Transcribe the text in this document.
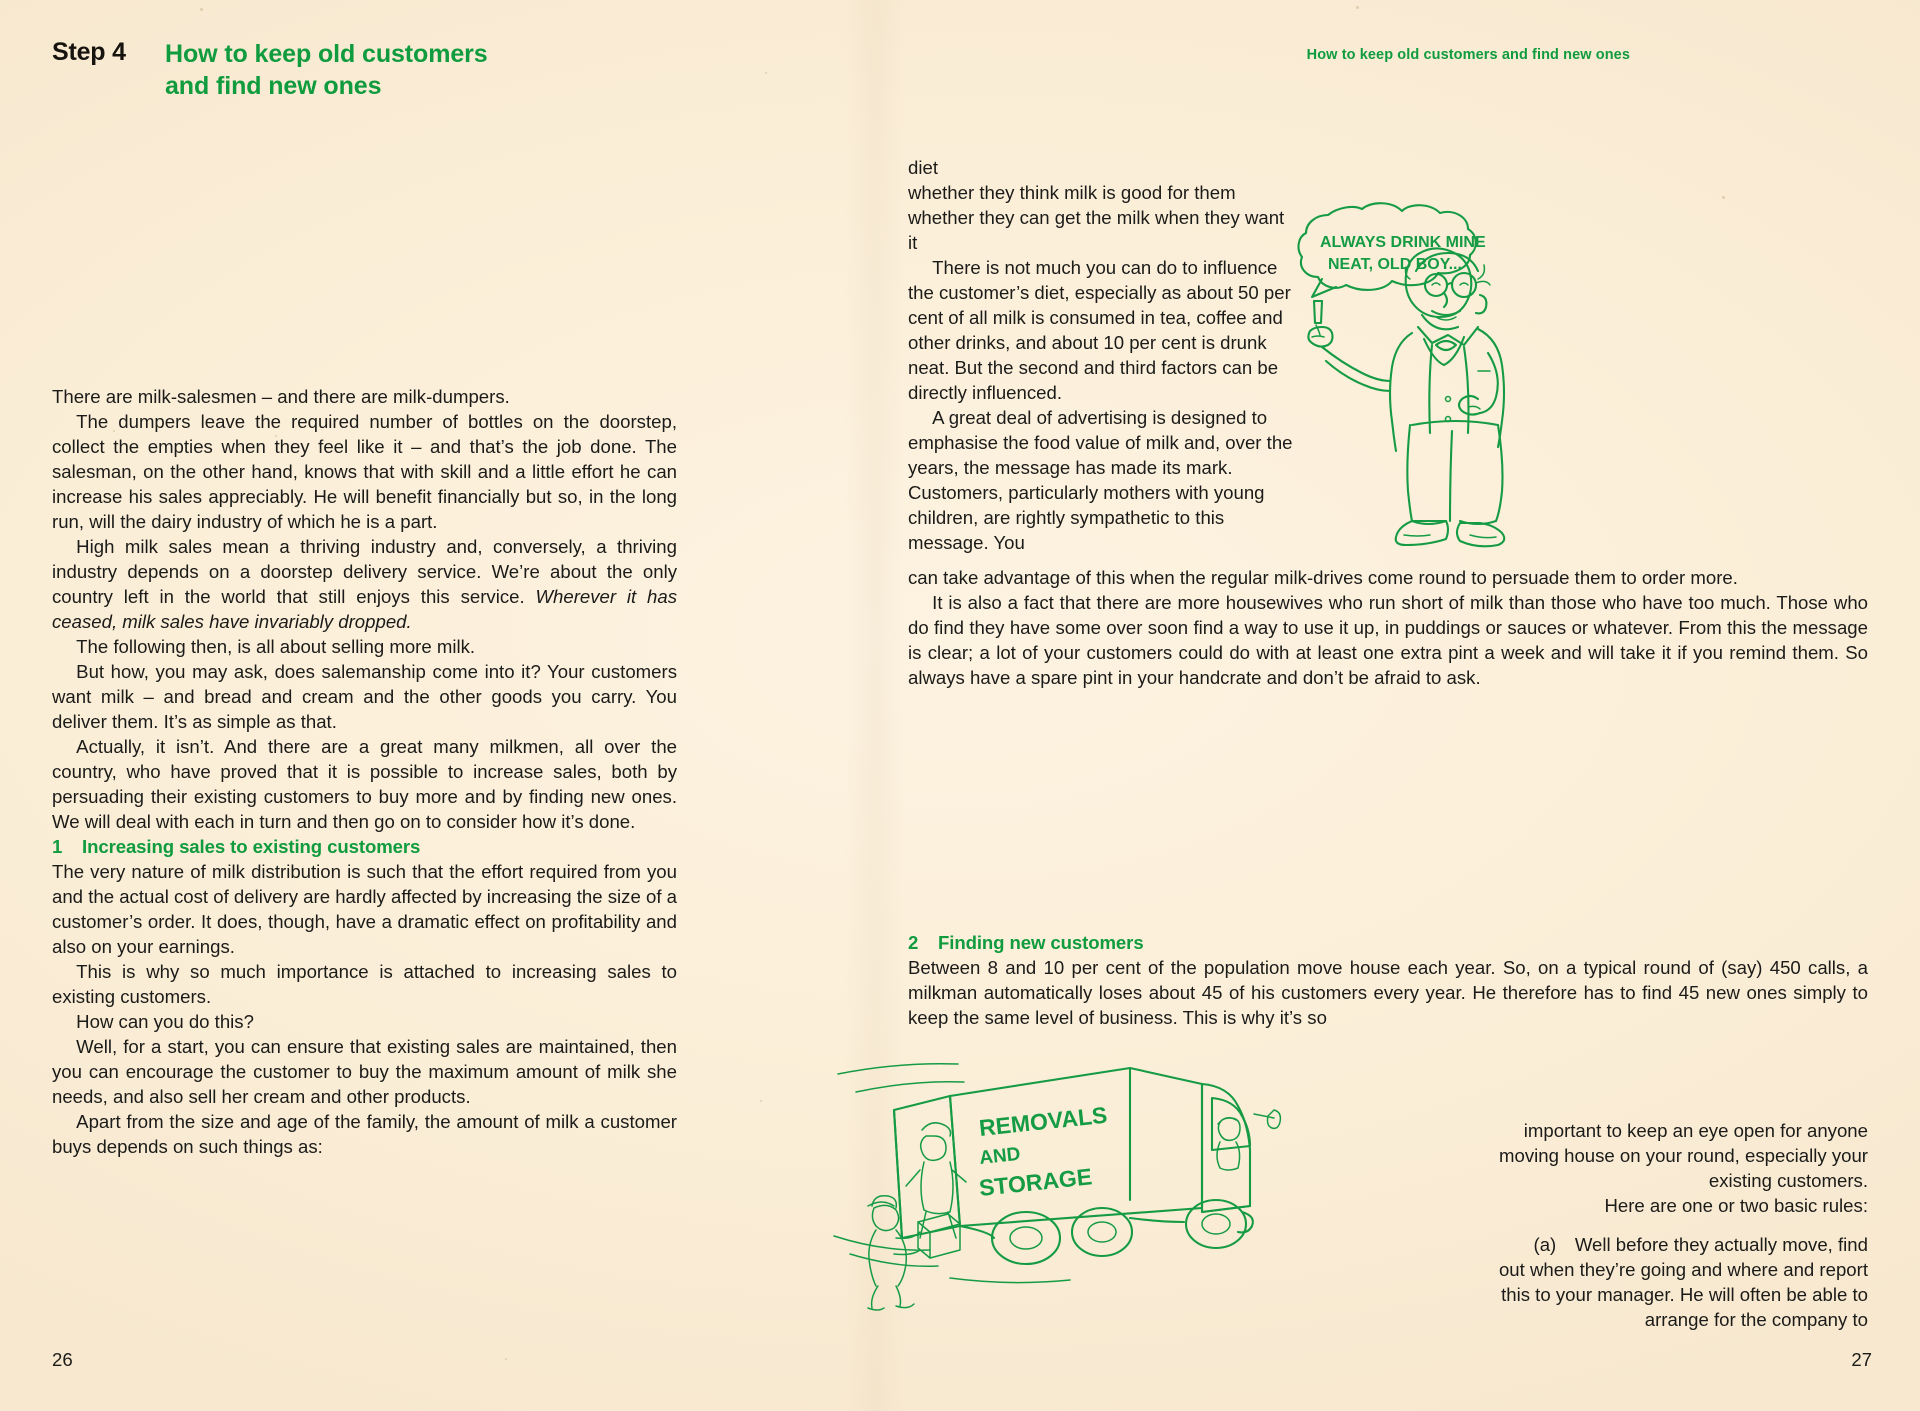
Step 4 How to keep old customers
and find new ones

There are milk-salesmen – and there are milk-dumpers.

The dumpers leave the required number of bottles on the doorstep, collect the empties when they feel like it – and that’s the job done. The salesman, on the other hand, knows that with skill and a little effort he can increase his sales appreciably. He will benefit financially but so, in the long run, will the dairy industry of which he is a part.

High milk sales mean a thriving industry and, conversely, a thriving industry depends on a doorstep delivery service. We’re about the only country left in the world that still enjoys this service. Wherever it has ceased, milk sales have invariably dropped.

The following then, is all about selling more milk.

But how, you may ask, does salemanship come into it? Your customers want milk – and bread and cream and the other goods you carry. You deliver them. It’s as simple as that.

Actually, it isn’t. And there are a great many milkmen, all over the country, who have proved that it is possible to increase sales, both by persuading their existing customers to buy more and by finding new ones. We will deal with each in turn and then go on to consider how it’s done.

1 Increasing sales to existing customers

The very nature of milk distribution is such that the effort required from you and the actual cost of delivery are hardly affected by increasing the size of a customer’s order. It does, though, have a dramatic effect on profitability and also on your earnings.

This is why so much importance is attached to increasing sales to existing customers.

How can you do this?

Well, for a start, you can ensure that existing sales are maintained, then you can encourage the customer to buy the maximum amount of milk she needs, and also sell her cream and other products.

Apart from the size and age of the family, the amount of milk a customer buys depends on such things as:

26
How to keep old customers and find new ones

diet

whether they think milk is good for them

whether they can get the milk when they want it

There is not much you can do to influence the customer’s diet, especially as about 50 per cent of all milk is consumed in tea, coffee and other drinks, and about 10 per cent is drunk neat. But the second and third factors can be directly influenced.

A great deal of advertising is designed to emphasise the food value of milk and, over the years, the message has made its mark. Customers, particularly mothers with young children, are rightly sympathetic to this message. You

can take advantage of this when the regular milk-drives come round to persuade them to order more.

It is also a fact that there are more housewives who run short of milk than those who have too much. Those who do find they have some over soon find a way to use it up, in puddings or sauces or whatever. From this the message is clear; a lot of your customers could do with at least one extra pint a week and will take it if you remind them. So always have a spare pint in your handcrate and don’t be afraid to ask.

2 Finding new customers

Between 8 and 10 per cent of the population move house each year. So, on a typical round of (say) 450 calls, a milkman automatically loses about 45 of his customers every year. He therefore has to find 45 new ones simply to keep the same level of business. This is why it’s so

important to keep an eye open for anyone moving house on your round, especially your existing customers.

Here are one or two basic rules:

(a) Well before they actually move, find out when they’re going and where and report this to your manager. He will often be able to arrange for the company to

27
ALWAYS DRINK MINE
NEAT, OLD BOY...
REMOVALS
AND
STORAGE
